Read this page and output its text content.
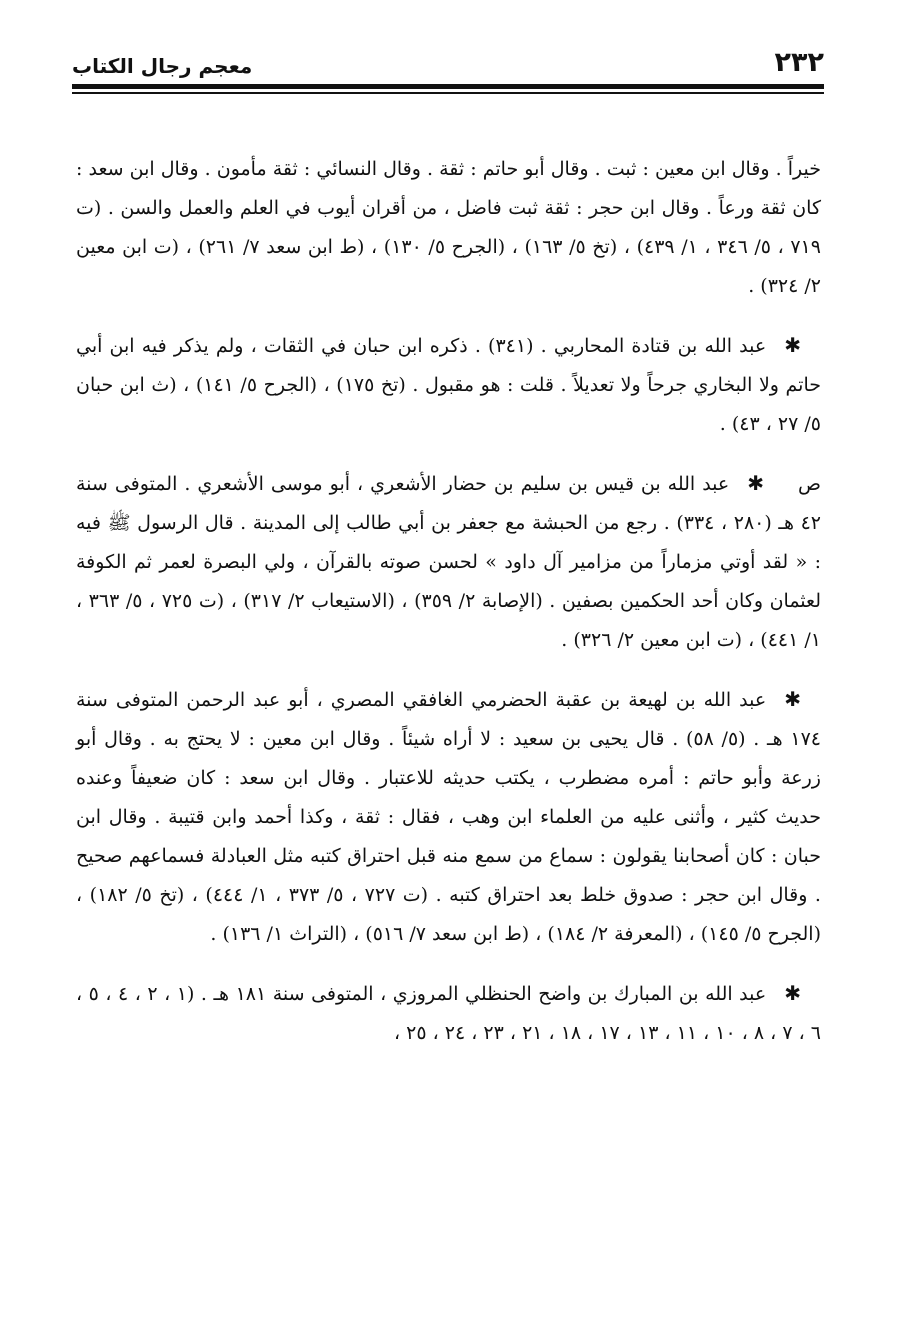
معجم رجال الكتاب	٢٣٢

خيراً . وقال ابن معين : ثبت . وقال أبو حاتم : ثقة . وقال النسائي : ثقة مأمون . وقال ابن سعد : كان ثقة ورعاً . وقال ابن حجر : ثقة ثبت فاضل ، من أقران أيوب في العلم والعمل والسن . (ت ٧١٩ ، ٥/ ٣٤٦ ، ١/ ٤٣٩) ، (تخ ٥/ ١٦٣) ، (الجرح ٥/ ١٣٠) ، (ط ابن سعد ٧/ ٢٦١) ، (ت ابن معين ٢/ ٣٢٤) .

✱عبد الله بن قتادة المحاربي . (٣٤١) . ذكره ابن حبان في الثقات ، ولم يذكر فيه ابن أبي حاتم ولا البخاري جرحاً ولا تعديلاً . قلت : هو مقبول . (تخ ١٧٥) ، (الجرح ٥/ ١٤١) ، (ث ابن حبان ٥/ ٢٧ ، ٤٣) .

ص✱عبد الله بن قيس بن سليم بن حضار الأشعري ، أبو موسى الأشعري . المتوفى سنة ٤٢ هـ (٢٨٠ ، ٣٣٤) . رجع من الحبشة مع جعفر بن أبي طالب إلى المدينة . قال الرسول ﷺ فيه : « لقد أوتي مزماراً من مزامير آل داود » لحسن صوته بالقرآن ، ولي البصرة لعمر ثم الكوفة لعثمان وكان أحد الحكمين بصفين . (الإصابة ٢/ ٣٥٩) ، (الاستيعاب ٢/ ٣١٧) ، (ت ٧٢٥ ، ٥/ ٣٦٣ ، ١/ ٤٤١) ، (ت ابن معين ٢/ ٣٢٦) .

✱عبد الله بن لهيعة بن عقبة الحضرمي الغافقي المصري ، أبو عبد الرحمن المتوفى سنة ١٧٤ هـ . (٥/ ٥٨) . قال يحيى بن سعيد : لا أراه شيئاً . وقال ابن معين : لا يحتج به . وقال أبو زرعة وأبو حاتم : أمره مضطرب ، يكتب حديثه للاعتبار . وقال ابن سعد : كان ضعيفاً وعنده حديث كثير ، وأثنى عليه من العلماء ابن وهب ، فقال : ثقة ، وكذا أحمد وابن قتيبة . وقال ابن حبان : كان أصحابنا يقولون : سماع من سمع منه قبل احتراق كتبه مثل العبادلة فسماعهم صحيح . وقال ابن حجر : صدوق خلط بعد احتراق كتبه . (ت ٧٢٧ ، ٥/ ٣٧٣ ، ١/ ٤٤٤) ، (تخ ٥/ ١٨٢) ، (الجرح ٥/ ١٤٥) ، (المعرفة ٢/ ١٨٤) ، (ط ابن سعد ٧/ ٥١٦) ، (التراث ١/ ١٣٦) .

✱عبد الله بن المبارك بن واضح الحنظلي المروزي ، المتوفى سنة ١٨١ هـ . (١ ، ٢ ، ٤ ، ٥ ، ٦ ، ٧ ، ٨ ، ١٠ ، ١١ ، ١٣ ، ١٧ ، ١٨ ، ٢١ ، ٢٣ ، ٢٤ ، ٢٥ ،
